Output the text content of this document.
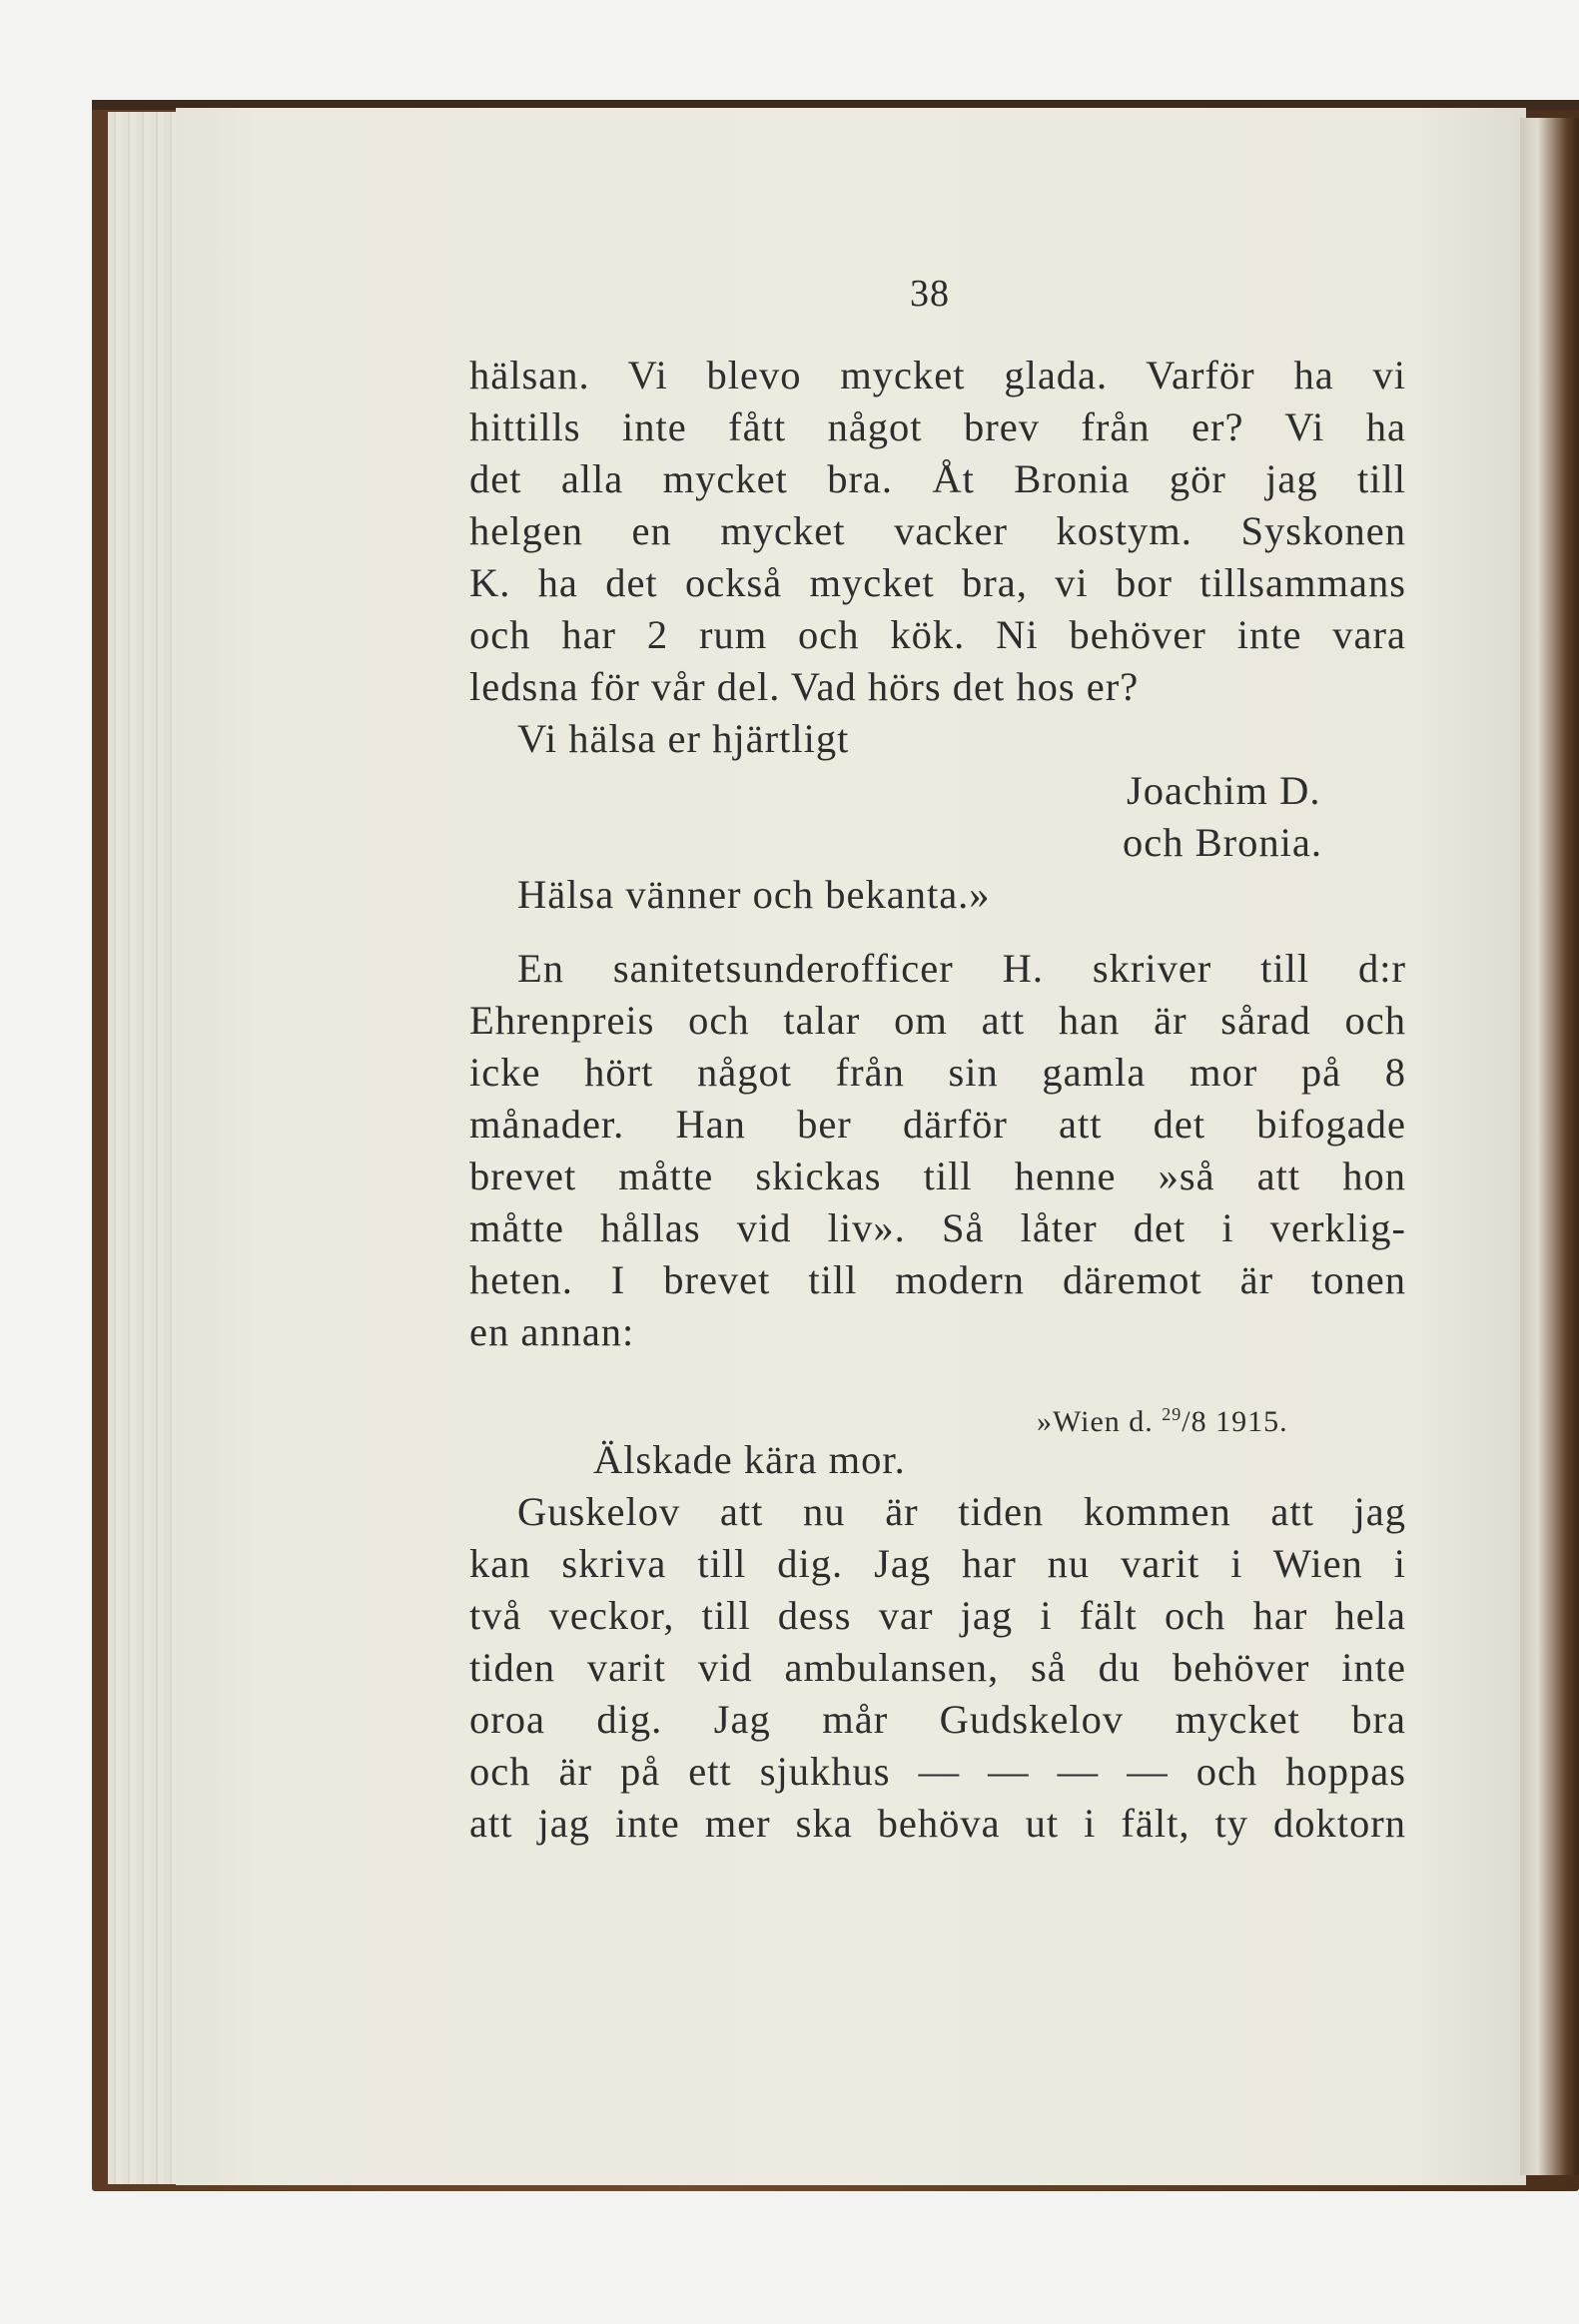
38
hälsan. Vi blevo mycket glada. Varför ha vi
hittills inte fått något brev från er? Vi ha
det alla mycket bra. Åt Bronia gör jag till
helgen en mycket vacker kostym. Syskonen
K. ha det också mycket bra, vi bor tillsammans
och har 2 rum och kök. Ni behöver inte vara
ledsna för vår del. Vad hörs det hos er?
Vi hälsa er hjärtligt
Joachim D.
och Bronia.
Hälsa vänner och bekanta.»
En sanitetsunderofficer H. skriver till d:r
Ehrenpreis och talar om att han är sårad och
icke hört något från sin gamla mor på 8
månader. Han ber därför att det bifogade
brevet måtte skickas till henne »så att hon
måtte hållas vid liv». Så låter det i verklig-
heten. I brevet till modern däremot är tonen
en annan:
»Wien d. $^{29}$/8 1915.
Älskade kära mor.
Guskelov att nu är tiden kommen att jag
kan skriva till dig. Jag har nu varit i Wien i
två veckor, till dess var jag i fält och har hela
tiden varit vid ambulansen, så du behöver inte
oroa dig. Jag mår Gudskelov mycket bra
och är på ett sjukhus — — — — och hoppas
att jag inte mer ska behöva ut i fält, ty doktorn
